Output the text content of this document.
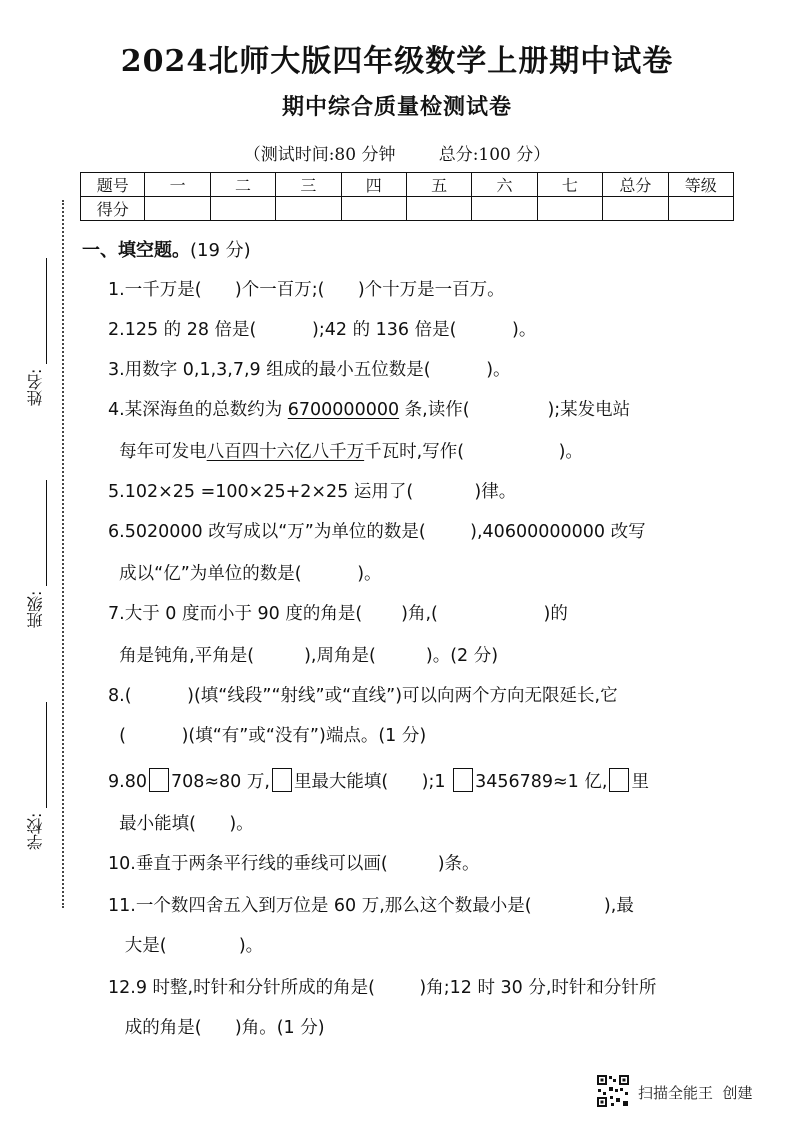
2024北师大版四年级数学上册期中试卷
期中综合质量检测试卷
（测试时间:80 分钟        总分:100 分）
题号	一	二	三	四	五	六	七	总分	等级
得分									
姓名:
班级:
学校:
一、填空题。(19 分)
1.一千万是(      )个一百万;(      )个十万是一百万。
2.125 的 28 倍是(          );42 的 136 倍是(          )。
3.用数字 0,1,3,7,9 组成的最小五位数是(          )。
4.某深海鱼的总数约为 6700000000 条,读作(              );某发电站
每年可发电八百四十六亿八千万千瓦时,写作(                 )。
5.102×25 =100×25+2×25 运用了(           )律。
6.5020000 改写成以“万”为单位的数是(        ),40600000000 改写
成以“亿”为单位的数是(          )。
7.大于 0 度而小于 90 度的角是(       )角,(                   )的
角是钝角,平角是(         ),周角是(         )。(2 分)
8.(          )(填“线段”“射线”或“直线”)可以向两个方向无限延长,它
(          )(填“有”或“没有”)端点。(1 分)
9.80 708≈80 万, 里最大能填(      );1 3456789≈1 亿, 里
最小能填(      )。
10.垂直于两条平行线的垂线可以画(         )条。
11.一个数四舍五入到万位是 60 万,那么这个数最小是(             ),最
大是(             )。
12.9 时整,时针和分针所成的角是(        )角;12 时 30 分,时针和分针所
成的角是(      )角。(1 分)
扫描全能王  创建
